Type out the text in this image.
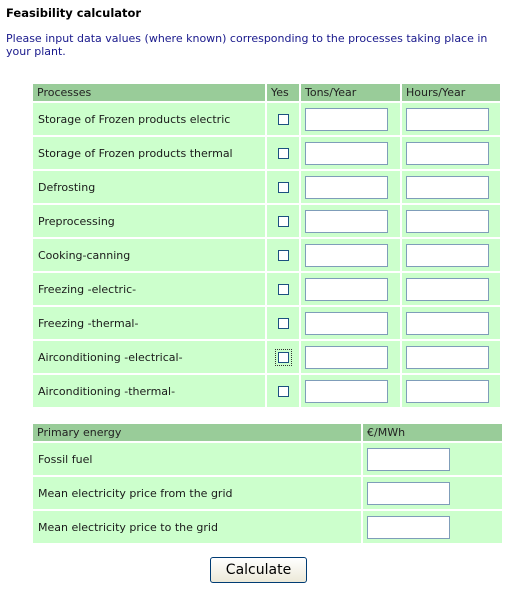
Feasibility calculator
Please input data values (where known) corresponding to the processes taking place in your plant.
Processes	Yes	Tons/Year	Hours/Year
Storage of Frozen products electric		

Storage of Frozen products thermal		

Defrosting		

Preprocessing		

Cooking-canning		

Freezing -electric-		

Freezing -thermal-		

Airconditioning -electrical-		

Airconditioning -thermal-		

Primary energy	€/MWh
Fossil fuel	

Mean electricity price from the grid	

Mean electricity price to the grid	
Calculate
